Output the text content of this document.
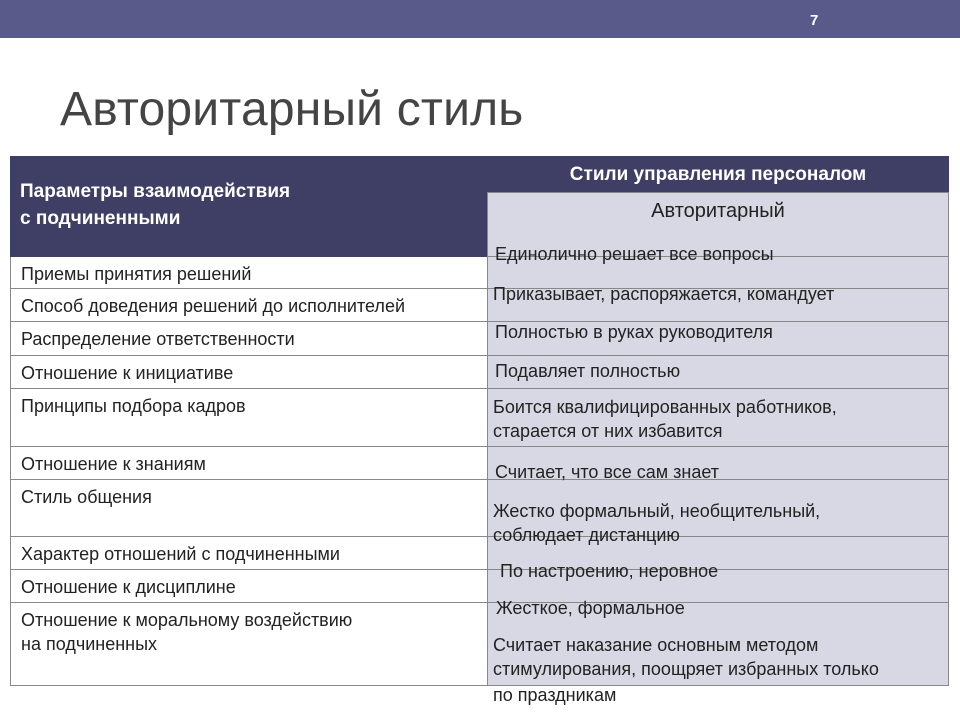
7
Авторитарный стиль
Параметры взаимодействия
с подчиненными
Стили управления персоналом
Авторитарный
Приемы принятия решений
Способ доведения решений до исполнителей
Распределение ответственности
Отношение к инициативе
Принципы подбора кадров
Отношение к знаниям
Стиль общения
Характер отношений с подчиненными
Отношение к дисциплине
Отношение к моральному воздействию
на подчиненных
Единолично решает все вопросы
Приказывает, распоряжается, командует
Полностью в руках руководителя
Подавляет полностью
Боится квалифицированных работников,
старается от них избавится
Считает, что все сам знает
Жестко формальный, необщительный,
соблюдает дистанцию
По настроению, неровное
Жесткое, формальное
Считает наказание основным методом
стимулирования, поощряет избранных только
по праздникам
